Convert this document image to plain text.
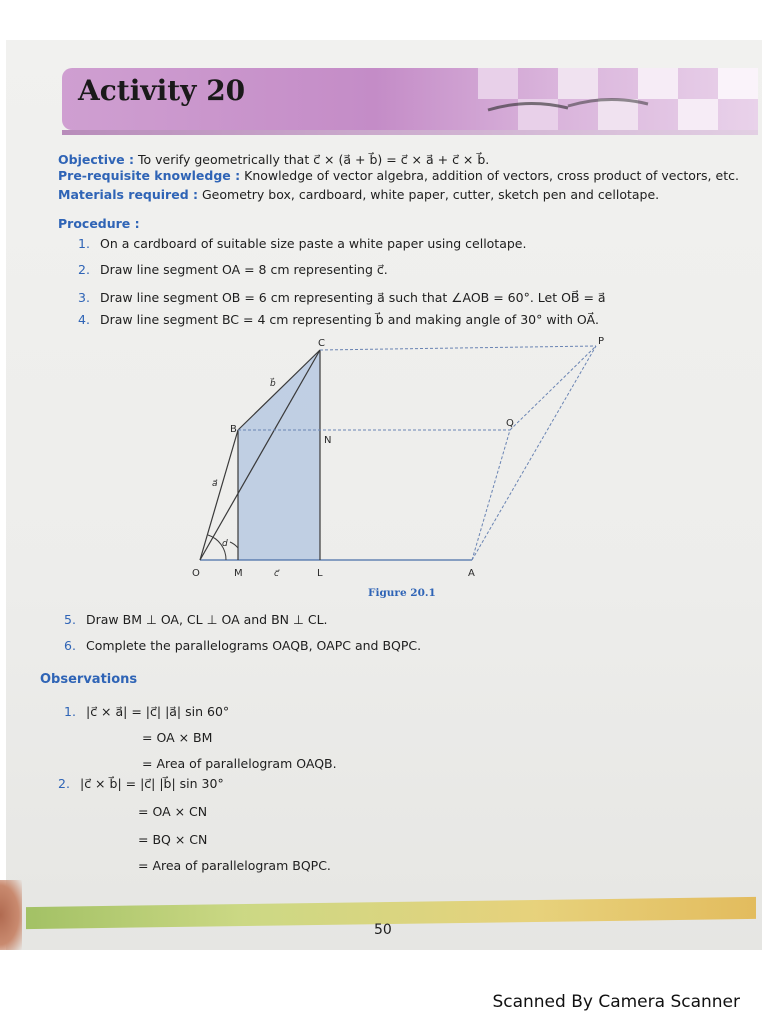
Activity 20
Objective : To verify geometrically that c⃗ × (a⃗ + b⃗) = c⃗ × a⃗ + c⃗ × b⃗.
Pre-requisite knowledge : Knowledge of vector algebra, addition of vectors, cross product of vectors, etc.
Materials required : Geometry box, cardboard, white paper, cutter, sketch pen and cellotape.
Procedure :
1. On a cardboard of suitable size paste a white paper using cellotape.
2. Draw line segment OA = 8 cm representing c⃗.
3. Draw line segment OB = 6 cm representing a⃗ such that ∠AOB = 60°. Let OB⃗ = a⃗
4. Draw line segment BC = 4 cm representing b⃗ and making angle of 30° with OA⃗.
O	M	L	A
B
N
C	P
Q
c⃗
a⃗
b⃗
d
Figure 20.1
5. Draw BM ⊥ OA, CL ⊥ OA and BN ⊥ CL.
6. Complete the parallelograms OAQB, OAPC and BQPC.
Observations
1. |c⃗ × a⃗| = |c⃗| |a⃗| sin 60°
= OA × BM
= Area of parallelogram OAQB.
2. |c⃗ × b⃗| = |c⃗| |b⃗| sin 30°
= OA × CN
= BQ × CN
= Area of parallelogram BQPC.
50
Scanned By Camera Scanner
